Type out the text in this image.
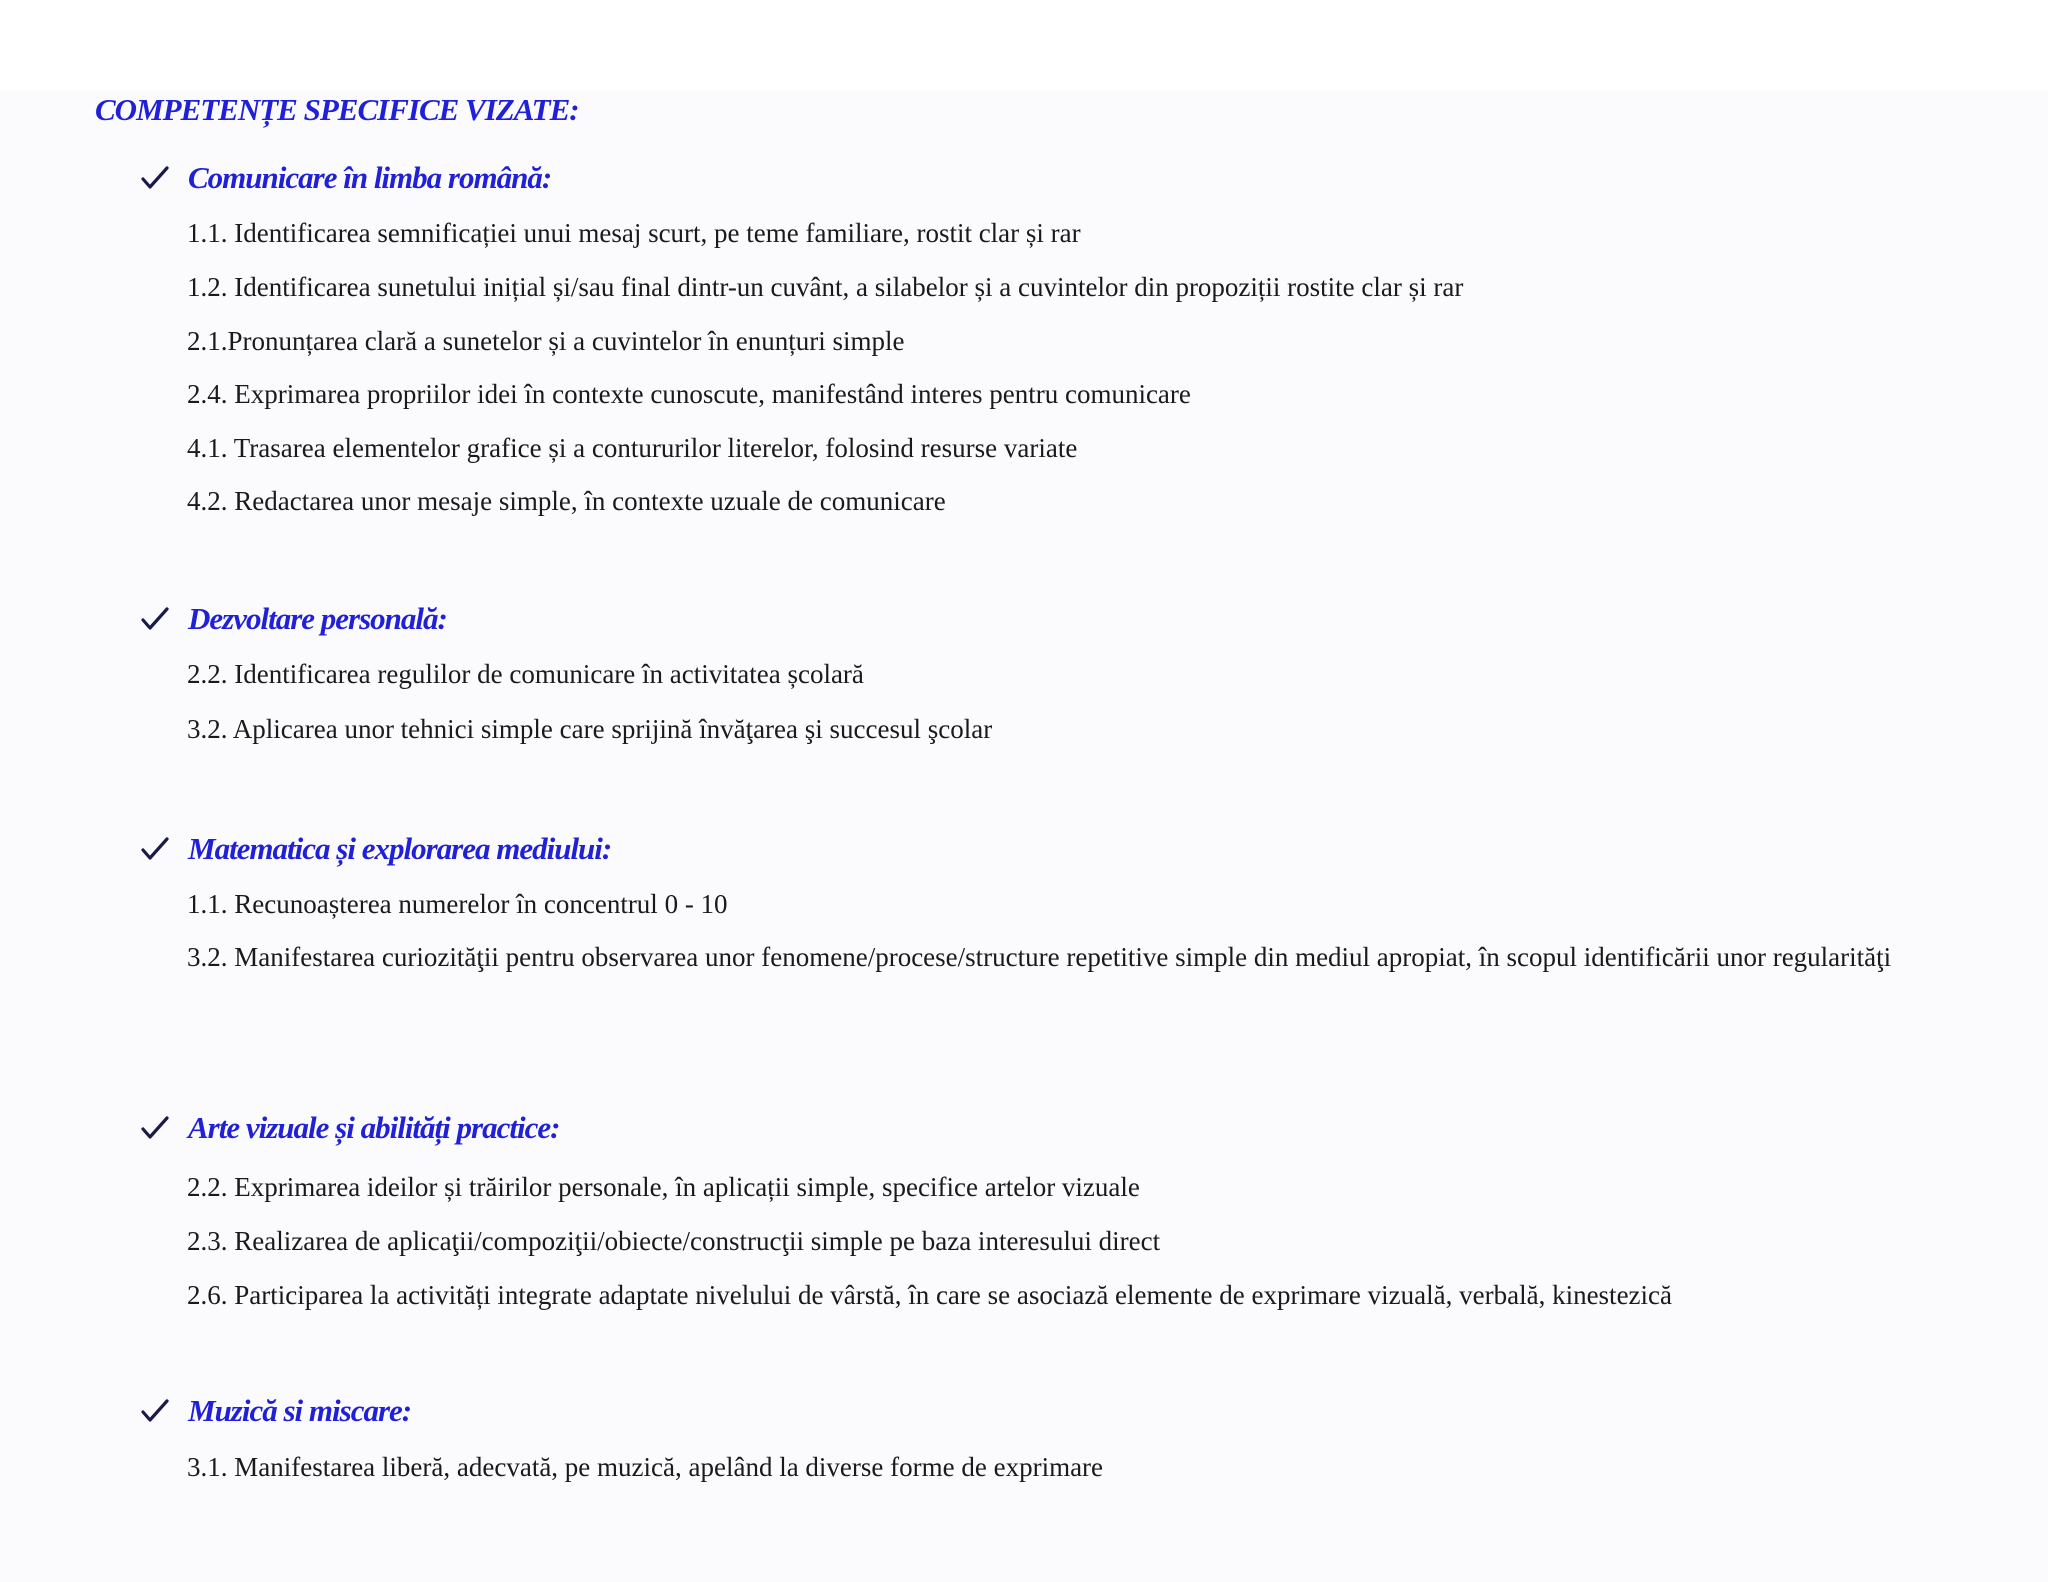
COMPETENȚE SPECIFICE VIZATE:
Comunicare în limba română:
1.1. Identificarea semnificației unui mesaj scurt, pe teme familiare, rostit clar și rar
1.2. Identificarea sunetului inițial și/sau final dintr-un cuvânt, a silabelor și a cuvintelor din propoziții rostite clar și rar
2.1.Pronunțarea clară a sunetelor și a cuvintelor în enunțuri simple
2.4. Exprimarea propriilor idei în contexte cunoscute, manifestând interes pentru comunicare
4.1. Trasarea elementelor grafice și a contururilor literelor, folosind resurse variate
4.2. Redactarea unor mesaje simple, în contexte uzuale de comunicare
Dezvoltare personală:
2.2. Identificarea regulilor de comunicare în activitatea școlară
3.2. Aplicarea unor tehnici simple care sprijină învăţarea şi succesul şcolar
Matematica și explorarea mediului:
1.1. Recunoașterea numerelor în concentrul 0 - 10
3.2. Manifestarea curiozităţii pentru observarea unor fenomene/procese/structure repetitive simple din mediul apropiat, în scopul identificării unor regularităţi
Arte vizuale și abilități practice:
2.2. Exprimarea ideilor și trăirilor personale, în aplicații simple, specifice artelor vizuale
2.3. Realizarea de aplicaţii/compoziţii/obiecte/construcţii simple pe baza interesului direct
2.6. Participarea la activități integrate adaptate nivelului de vârstă, în care se asociază elemente de exprimare vizuală, verbală, kinestezică
Muzică si miscare:
3.1. Manifestarea liberă, adecvată, pe muzică, apelând la diverse forme de exprimare
